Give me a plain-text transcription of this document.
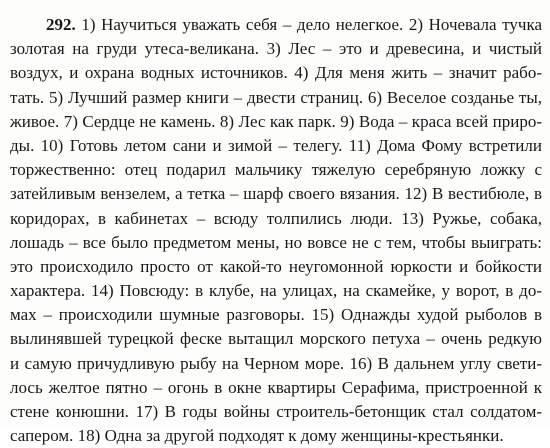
292. 1) Научиться уважать себя – дело нелегкое. 2) Ночевала тучка
золотая на груди утеса-великана. 3) Лес – это и древесина, и чистый
воздух, и охрана водных источников. 4) Для меня жить – значит рабо-
тать. 5) Лучший размер книги – двести страниц. 6) Веселое созданье ты,
живое. 7) Сердце не камень. 8) Лес как парк. 9) Вода – краса всей приро-
ды. 10) Готовь летом сани и зимой – телегу. 11) Дома Фому встретили
торжественно: отец подарил мальчику тяжелую серебряную ложку с
затейливым вензелем, а тетка – шарф своего вязания. 12) В вестибюле, в
коридорах, в кабинетах – всюду толпились люди. 13) Ружье, собака,
лошадь – все было предметом мены, но вовсе не с тем, чтобы выиграть:
это происходило просто от какой-то неугомонной юркости и бойкости
характера. 14) Повсюду: в клубе, на улицах, на скамейке, у ворот, в до-
мах – происходили шумные разговоры. 15) Однажды худой рыболов в
вылинявшей турецкой феске вытащил морского петуха – очень редкую
и самую причудливую рыбу на Черном море. 16) В дальнем углу свети-
лось желтое пятно – огонь в окне квартиры Серафима, пристроенной к
стене конюшни. 17) В годы войны строитель-бетонщик стал солдатом-
сапером. 18) Одна за другой подходят к дому женщины-крестьянки.
